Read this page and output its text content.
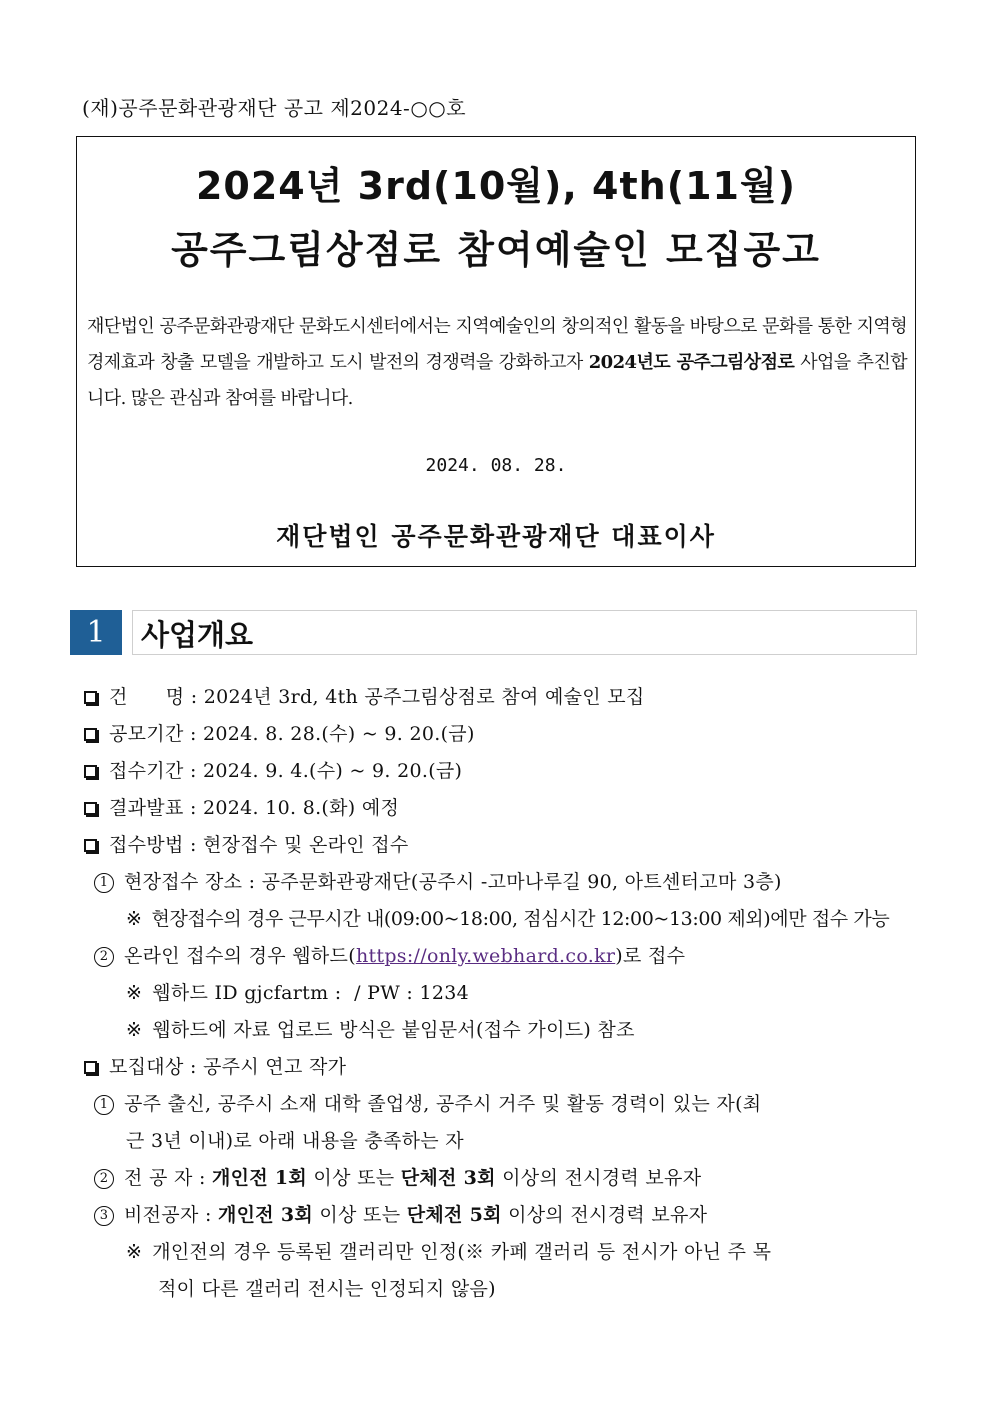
(재)공주문화관광재단 공고 제2024-○○호
2024년 3rd(10월), 4th(11월)
공주그림상점로 참여예술인 모집공고
재단법인 공주문화관광재단 문화도시센터에서는 지역예술인의 창의적인 활동을 바탕으로 문화를 통한 지역형 경제효과 창출 모델을 개발하고 도시 발전의 경쟁력을 강화하고자 2024년도 공주그림상점로 사업을 추진합니다. 많은 관심과 참여를 바랍니다.
2024. 08. 28.
재단법인 공주문화관광재단 대표이사
1	사업개요
건      명 : 2024년 3rd, 4th 공주그림상점로 참여 예술인 모집
공모기간 : 2024. 8. 28.(수) ~ 9. 20.(금)
접수기간 : 2024. 9. 4.(수) ~ 9. 20.(금)
결과발표 : 2024. 10. 8.(화) 예정
접수방법 : 현장접수 및 온라인 접수
1 현장접수 장소 : 공주문화관광재단(공주시 -고마나루길 90, 아트센터고마 3층)
※ 현장접수의 경우 근무시간 내(09:00~18:00, 점심시간 12:00~13:00 제외)에만 접수 가능
2 온라인 접수의 경우 웹하드(https://only.webhard.co.kr)로 접수
※ 웹하드 ID gjcfartm :  / PW : 1234
※ 웹하드에 자료 업로드 방식은 붙임문서(접수 가이드) 참조
모집대상 : 공주시 연고 작가
1 공주 출신, 공주시 소재 대학 졸업생, 공주시 거주 및 활동 경력이 있는 자(최
근 3년 이내)로 아래 내용을 충족하는 자
2 전 공 자 : 개인전 1회 이상 또는 단체전 3회 이상의 전시경력 보유자
3 비전공자 : 개인전 3회 이상 또는 단체전 5회 이상의 전시경력 보유자
※ 개인전의 경우 등록된 갤러리만 인정(※ 카페 갤러리 등 전시가 아닌 주 목
적이 다른 갤러리 전시는 인정되지 않음)
